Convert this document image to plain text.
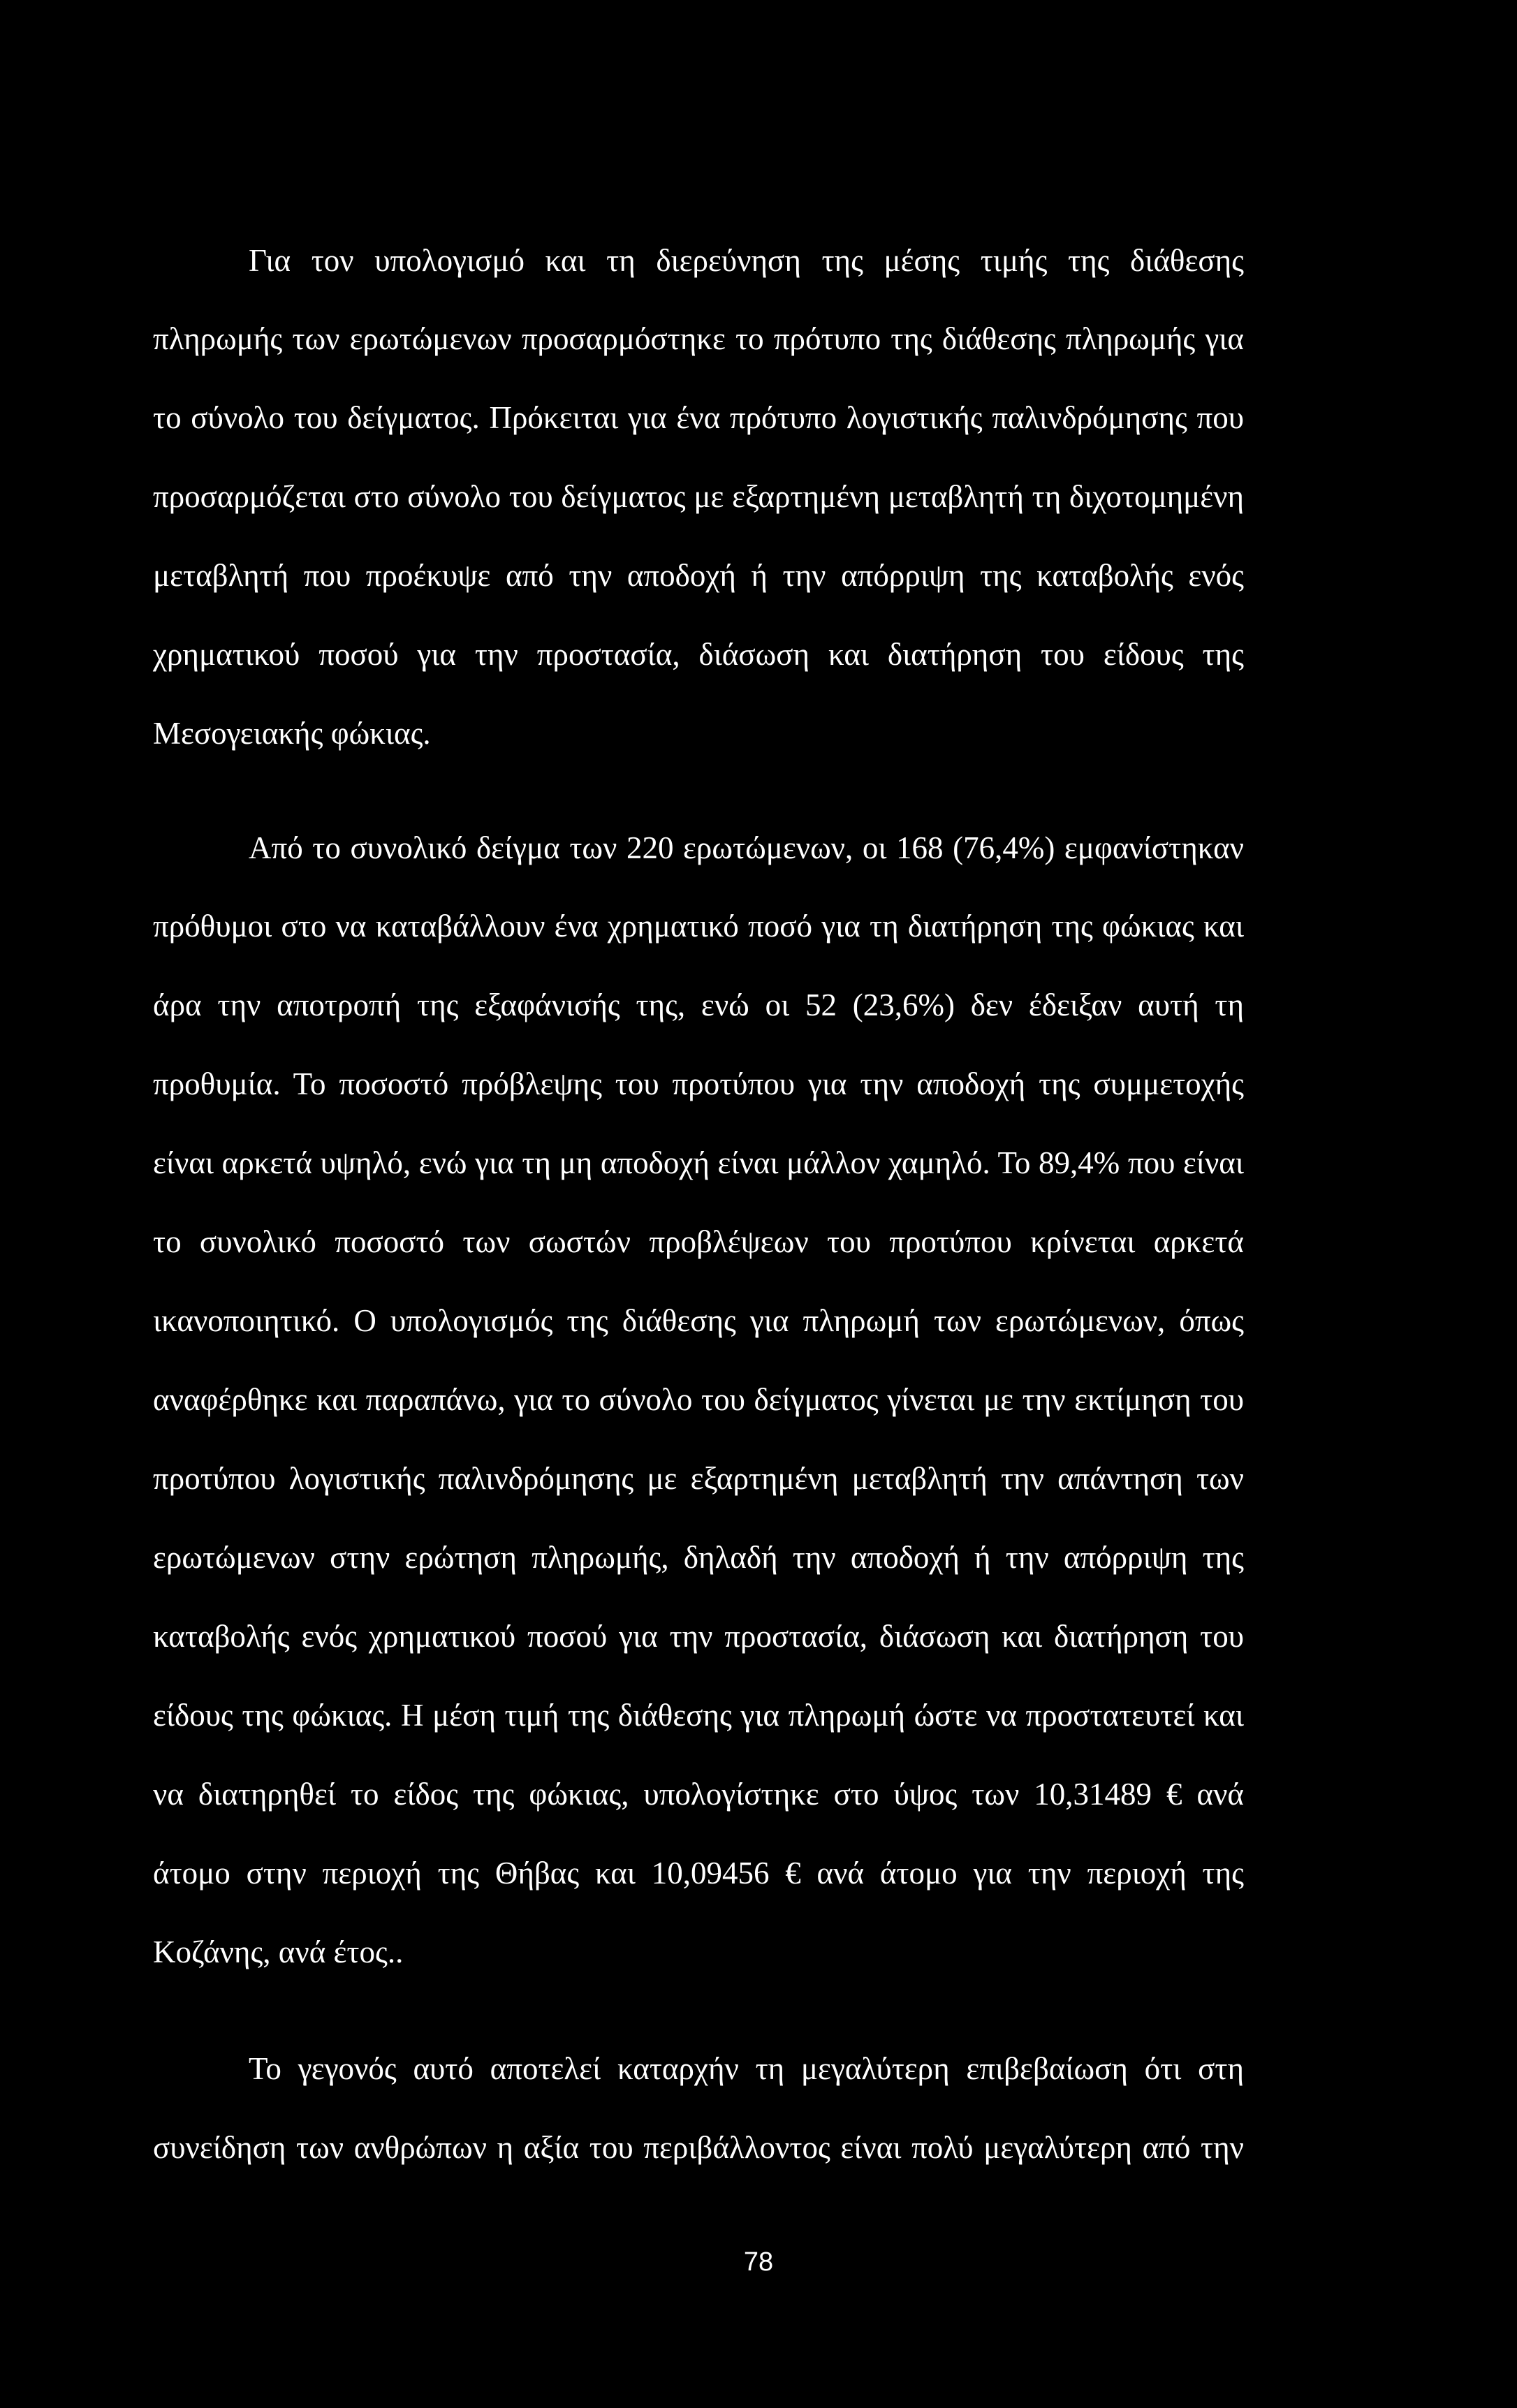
Για τον υπολογισμό και τη διερεύνηση της μέσης τιμής της διάθεσης
πληρωμής των ερωτώμενων προσαρμόστηκε το πρότυπο της διάθεσης πληρωμής για
το σύνολο του δείγματος. Πρόκειται για ένα πρότυπο λογιστικής παλινδρόμησης που
προσαρμόζεται στο σύνολο του δείγματος με εξαρτημένη μεταβλητή τη διχοτομημένη
μεταβλητή που προέκυψε από την αποδοχή ή την απόρριψη της καταβολής ενός
χρηματικού ποσού για την προστασία, διάσωση και διατήρηση του είδους της
Μεσογειακής φώκιας.
Από το συνολικό δείγμα των 220 ερωτώμενων, οι 168 (76,4%) εμφανίστηκαν
πρόθυμοι στο να καταβάλλουν ένα χρηματικό ποσό για τη διατήρηση της φώκιας και
άρα την αποτροπή της εξαφάνισής της, ενώ οι 52 (23,6%) δεν έδειξαν αυτή τη
προθυμία. Το ποσοστό πρόβλεψης του προτύπου για την αποδοχή της συμμετοχής
είναι αρκετά υψηλό, ενώ για τη μη αποδοχή είναι μάλλον χαμηλό. Το 89,4% που είναι
το συνολικό ποσοστό των σωστών προβλέψεων του προτύπου κρίνεται αρκετά
ικανοποιητικό. Ο υπολογισμός της διάθεσης για πληρωμή των ερωτώμενων, όπως
αναφέρθηκε και παραπάνω, για το σύνολο του δείγματος γίνεται με την εκτίμηση του
προτύπου λογιστικής παλινδρόμησης με εξαρτημένη μεταβλητή την απάντηση των
ερωτώμενων στην ερώτηση πληρωμής, δηλαδή την αποδοχή ή την απόρριψη της
καταβολής ενός χρηματικού ποσού για την προστασία, διάσωση και διατήρηση του
είδους της φώκιας. Η μέση τιμή της διάθεσης για πληρωμή ώστε να προστατευτεί και
να διατηρηθεί το είδος της φώκιας, υπολογίστηκε στο ύψος των 10,31489 € ανά
άτομο στην περιοχή της Θήβας και 10,09456 € ανά άτομο για την περιοχή της
Κοζάνης, ανά έτος..
Το γεγονός αυτό αποτελεί καταρχήν τη μεγαλύτερη επιβεβαίωση ότι στη
συνείδηση των ανθρώπων η αξία του περιβάλλοντος είναι πολύ μεγαλύτερη από την
78
